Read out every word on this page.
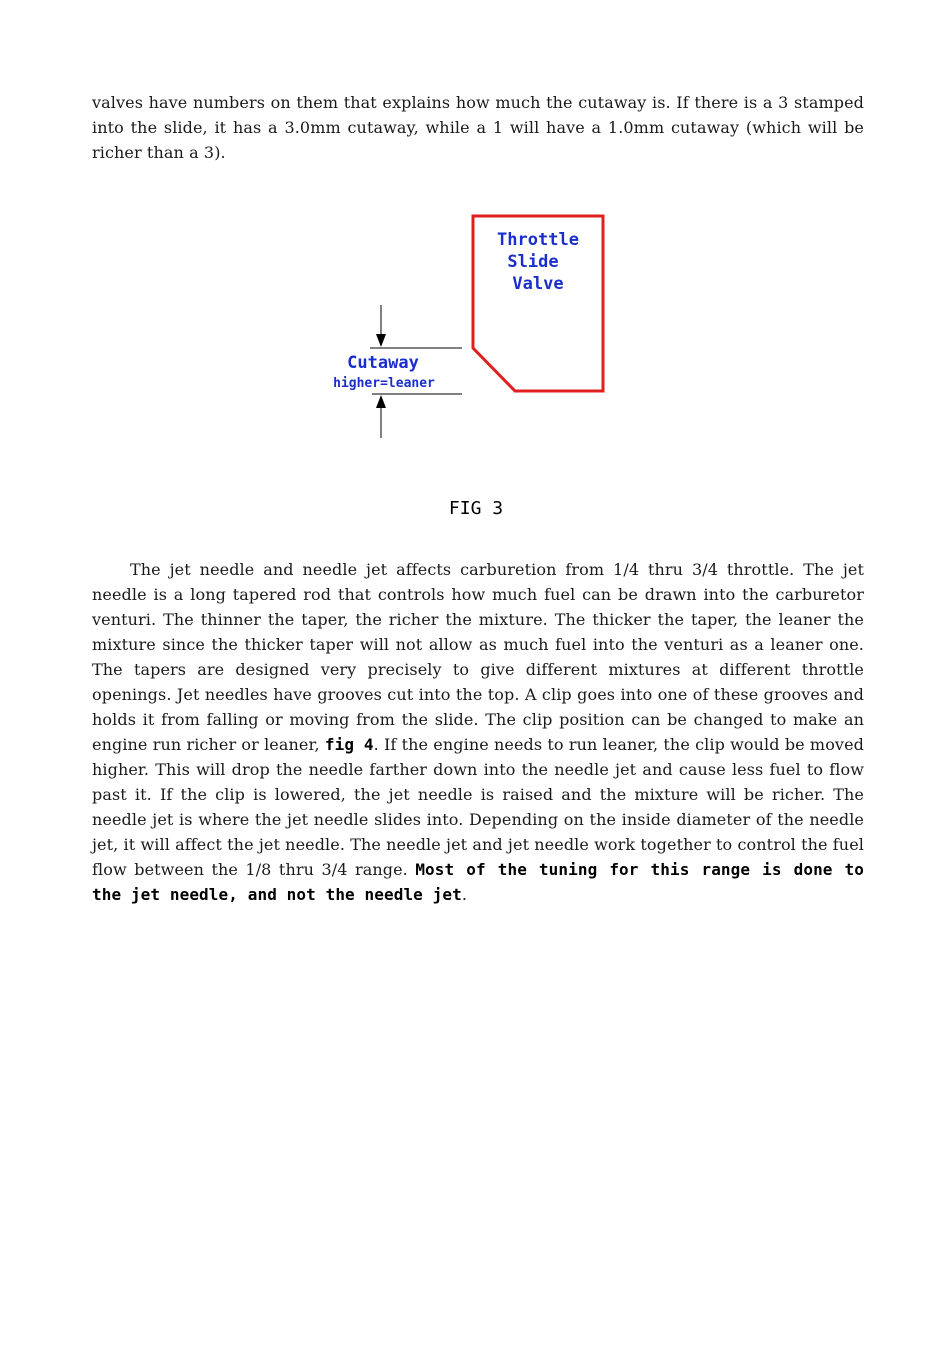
valves have numbers on them that explains how much the cutaway is. If there is a 3 stamped into the slide, it has a 3.0mm cutaway, while a 1 will have a 1.0mm cutaway (which will be richer than a 3).

Throttle
Slide
Valve
Cutaway
higher=leaner
FIG 3

The jet needle and needle jet affects carburetion from 1/4 thru 3/4 throttle. The jet needle is a long tapered rod that controls how much fuel can be drawn into the carburetor venturi. The thinner the taper, the richer the mixture. The thicker the taper, the leaner the mixture since the thicker taper will not allow as much fuel into the venturi as a leaner one. The tapers are designed very precisely to give different mixtures at different throttle openings. Jet needles have grooves cut into the top. A clip goes into one of these grooves and holds it from falling or moving from the slide. The clip position can be changed to make an engine run richer or leaner, fig 4. If the engine needs to run leaner, the clip would be moved higher. This will drop the needle farther down into the needle jet and cause less fuel to flow past it. If the clip is lowered, the jet needle is raised and the mixture will be richer. The needle jet is where the jet needle slides into. Depending on the inside diameter of the needle jet, it will affect the jet needle. The needle jet and jet needle work together to control the fuel flow between the 1/8 thru 3/4 range. Most of the tuning for this range is done to the jet needle, and not the needle jet.
